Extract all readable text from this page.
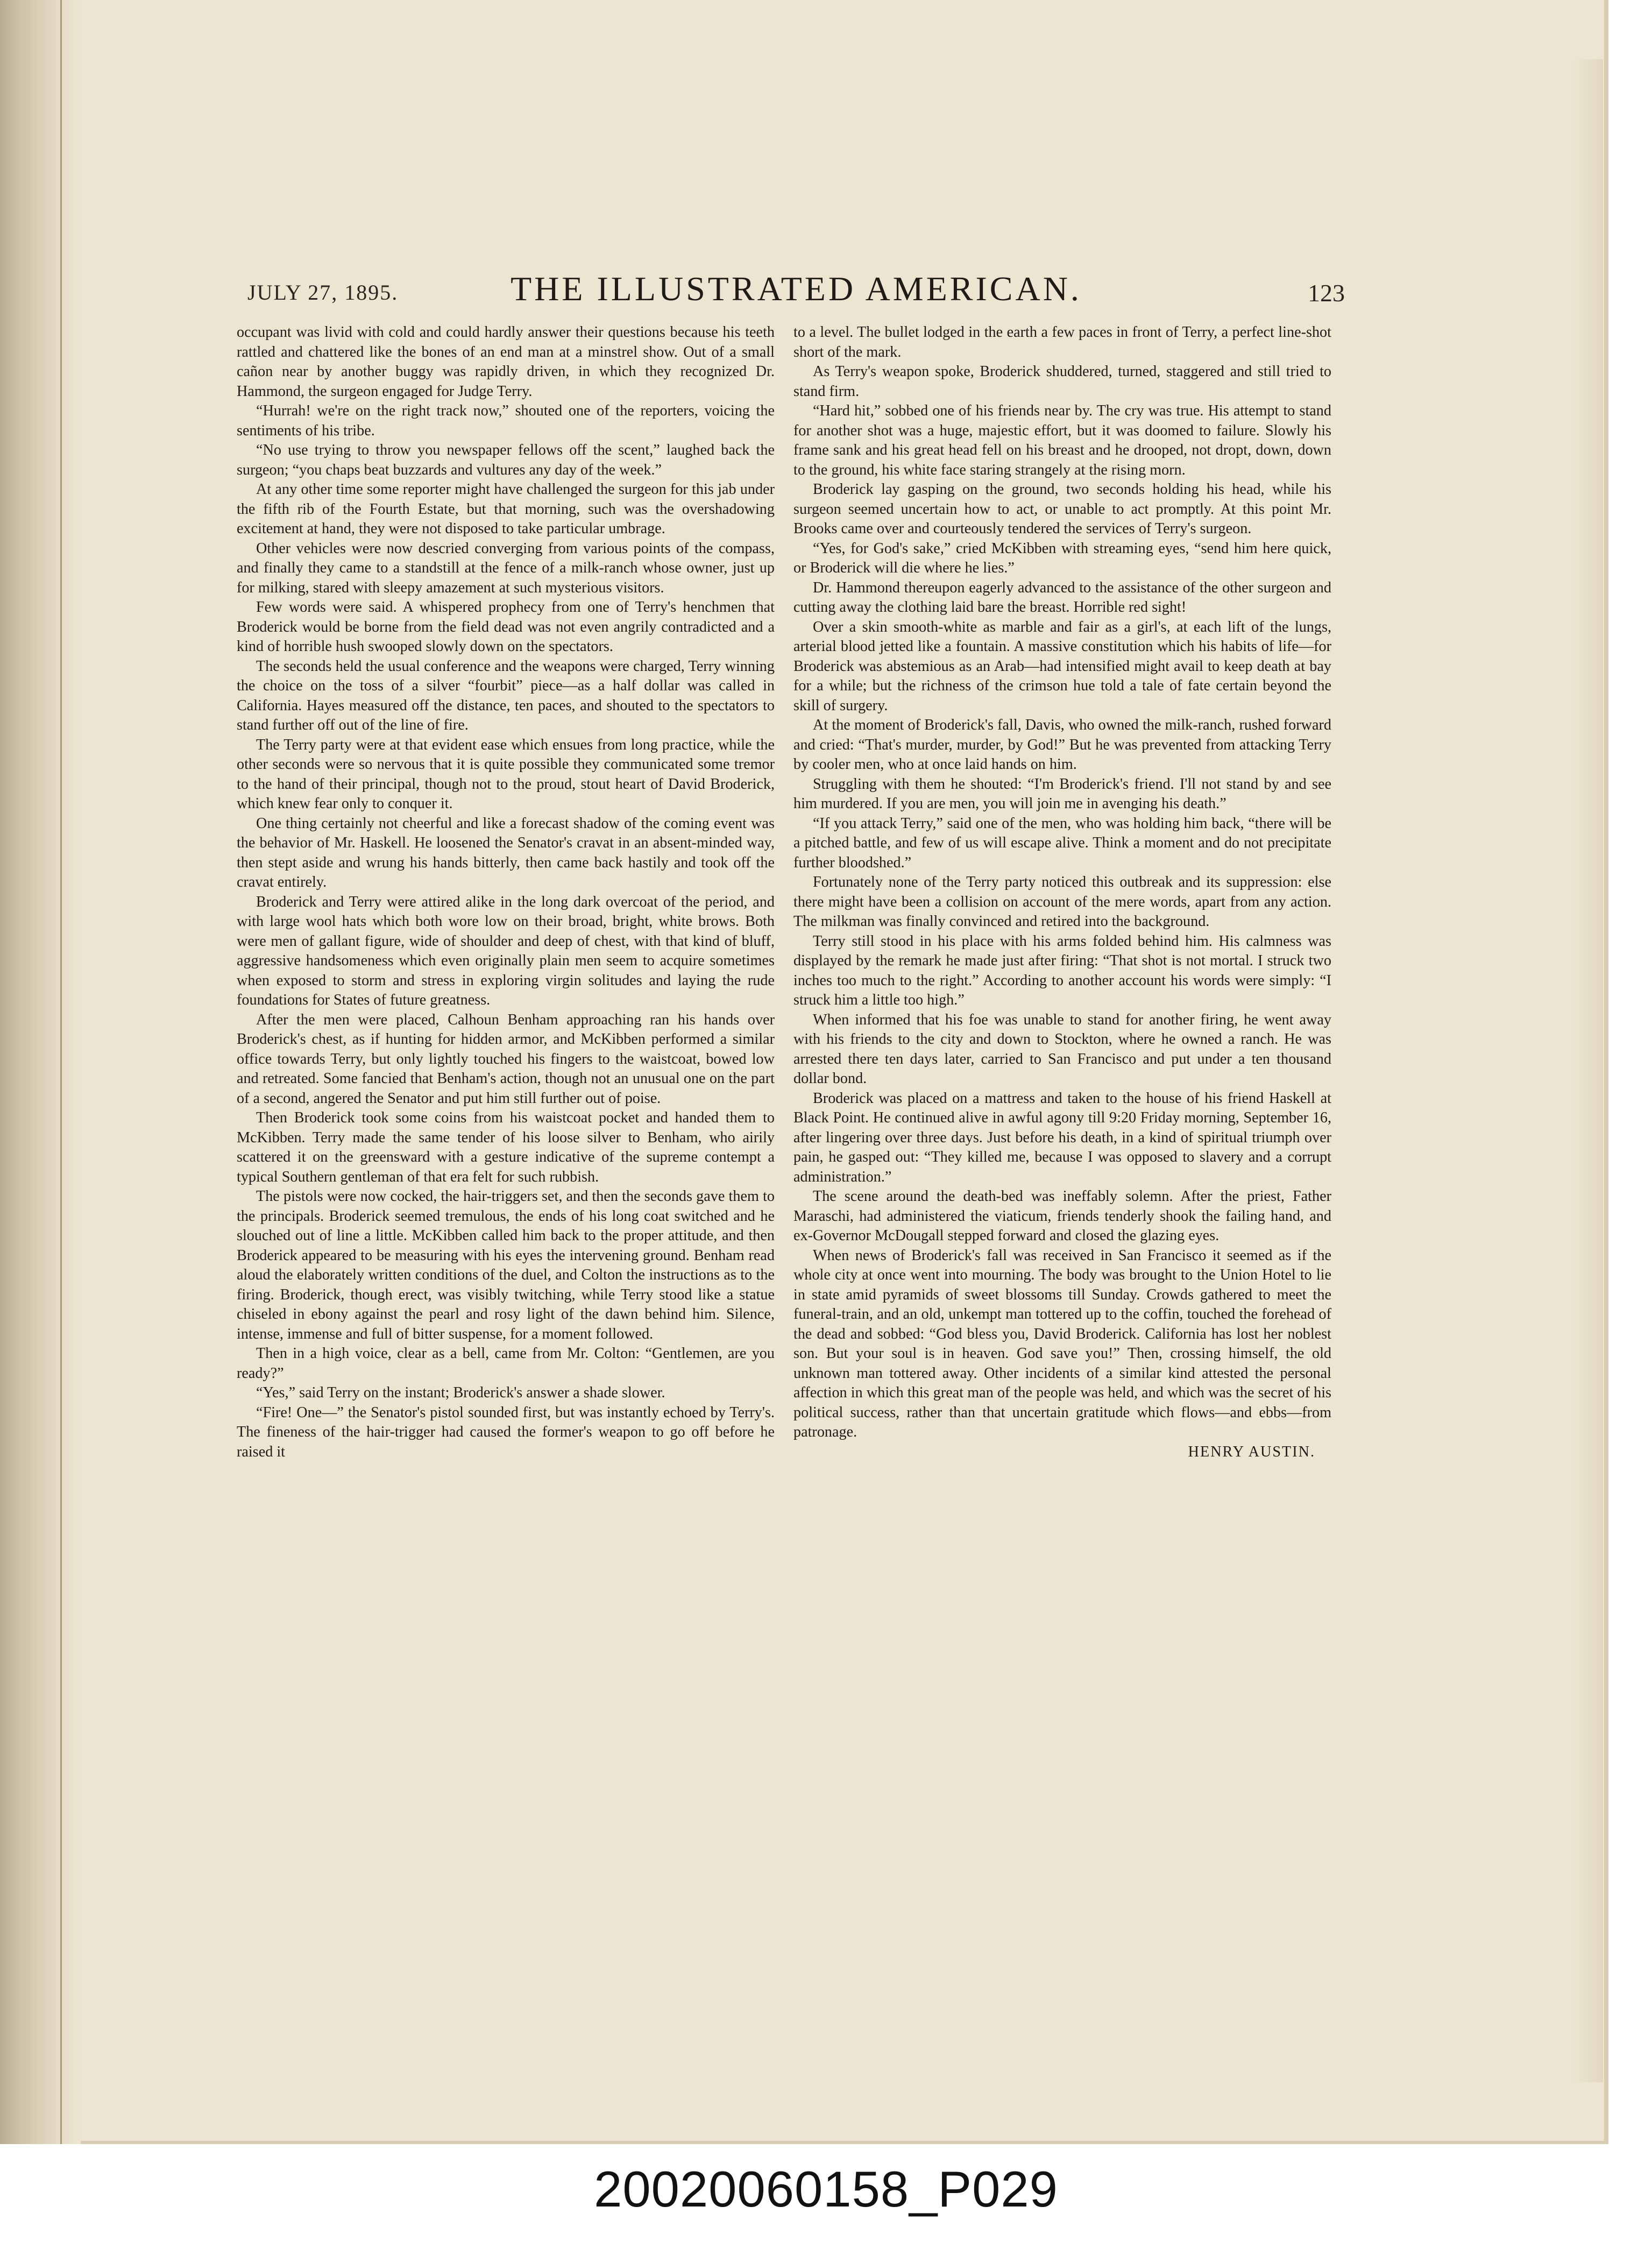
JULY 27, 1895.	THE ILLUSTRATED AMERICAN.	123

occupant was livid with cold and could hardly answer their questions because his teeth rattled and chattered like the bones of an end man at a minstrel show. Out of a small cañon near by another buggy was rapidly driven, in which they recognized Dr. Hammond, the surgeon engaged for Judge Terry.

“Hurrah! we're on the right track now,” shouted one of the reporters, voicing the sentiments of his tribe.

“No use trying to throw you newspaper fellows off the scent,” laughed back the surgeon; “you chaps beat buzzards and vultures any day of the week.”

At any other time some reporter might have challenged the surgeon for this jab under the fifth rib of the Fourth Estate, but that morning, such was the overshadowing excitement at hand, they were not disposed to take particular umbrage.

Other vehicles were now descried converging from various points of the compass, and finally they came to a standstill at the fence of a milk-ranch whose owner, just up for milking, stared with sleepy amazement at such mysterious visitors.

Few words were said. A whispered prophecy from one of Terry's henchmen that Broderick would be borne from the field dead was not even angrily contradicted and a kind of horrible hush swooped slowly down on the spectators.

The seconds held the usual conference and the weapons were charged, Terry winning the choice on the toss of a silver “fourbit” piece—as a half dollar was called in California. Hayes measured off the distance, ten paces, and shouted to the spectators to stand further off out of the line of fire.

The Terry party were at that evident ease which ensues from long practice, while the other seconds were so nervous that it is quite possible they communicated some tremor to the hand of their principal, though not to the proud, stout heart of David Broderick, which knew fear only to conquer it.

One thing certainly not cheerful and like a forecast shadow of the coming event was the behavior of Mr. Haskell. He loosened the Senator's cravat in an absent-minded way, then stept aside and wrung his hands bitterly, then came back hastily and took off the cravat entirely.

Broderick and Terry were attired alike in the long dark overcoat of the period, and with large wool hats which both wore low on their broad, bright, white brows. Both were men of gallant figure, wide of shoulder and deep of chest, with that kind of bluff, aggressive handsomeness which even originally plain men seem to acquire sometimes when exposed to storm and stress in exploring virgin solitudes and laying the rude foundations for States of future greatness.

After the men were placed, Calhoun Benham approaching ran his hands over Broderick's chest, as if hunting for hidden armor, and McKibben performed a similar office towards Terry, but only lightly touched his fingers to the waistcoat, bowed low and retreated. Some fancied that Benham's action, though not an unusual one on the part of a second, angered the Senator and put him still further out of poise.

Then Broderick took some coins from his waistcoat pocket and handed them to McKibben. Terry made the same tender of his loose silver to Benham, who airily scattered it on the greensward with a gesture indicative of the supreme contempt a typical Southern gentleman of that era felt for such rubbish.

The pistols were now cocked, the hair-triggers set, and then the seconds gave them to the principals. Broderick seemed tremulous, the ends of his long coat switched and he slouched out of line a little. McKibben called him back to the proper attitude, and then Broderick appeared to be measuring with his eyes the intervening ground. Benham read aloud the elaborately written conditions of the duel, and Colton the instructions as to the firing. Broderick, though erect, was visibly twitching, while Terry stood like a statue chiseled in ebony against the pearl and rosy light of the dawn behind him. Silence, intense, immense and full of bitter suspense, for a moment followed.

Then in a high voice, clear as a bell, came from Mr. Colton: “Gentlemen, are you ready?”

“Yes,” said Terry on the instant; Broderick's answer a shade slower.

“Fire! One—” the Senator's pistol sounded first, but was instantly echoed by Terry's. The fineness of the hair-trigger had caused the former's weapon to go off before he raised it

to a level. The bullet lodged in the earth a few paces in front of Terry, a perfect line-shot short of the mark.

As Terry's weapon spoke, Broderick shuddered, turned, staggered and still tried to stand firm.

“Hard hit,” sobbed one of his friends near by. The cry was true. His attempt to stand for another shot was a huge, majestic effort, but it was doomed to failure. Slowly his frame sank and his great head fell on his breast and he drooped, not dropt, down, down to the ground, his white face staring strangely at the rising morn.

Broderick lay gasping on the ground, two seconds holding his head, while his surgeon seemed uncertain how to act, or unable to act promptly. At this point Mr. Brooks came over and courteously tendered the services of Terry's surgeon.

“Yes, for God's sake,” cried McKibben with streaming eyes, “send him here quick, or Broderick will die where he lies.”

Dr. Hammond thereupon eagerly advanced to the assistance of the other surgeon and cutting away the clothing laid bare the breast. Horrible red sight!

Over a skin smooth-white as marble and fair as a girl's, at each lift of the lungs, arterial blood jetted like a fountain. A massive constitution which his habits of life—for Broderick was abstemious as an Arab—had intensified might avail to keep death at bay for a while; but the richness of the crimson hue told a tale of fate certain beyond the skill of surgery.

At the moment of Broderick's fall, Davis, who owned the milk-ranch, rushed forward and cried: “That's murder, murder, by God!” But he was prevented from attacking Terry by cooler men, who at once laid hands on him.

Struggling with them he shouted: “I'm Broderick's friend. I'll not stand by and see him murdered. If you are men, you will join me in avenging his death.”

“If you attack Terry,” said one of the men, who was holding him back, “there will be a pitched battle, and few of us will escape alive. Think a moment and do not precipitate further bloodshed.”

Fortunately none of the Terry party noticed this outbreak and its suppression: else there might have been a collision on account of the mere words, apart from any action. The milkman was finally convinced and retired into the background.

Terry still stood in his place with his arms folded behind him. His calmness was displayed by the remark he made just after firing: “That shot is not mortal. I struck two inches too much to the right.” According to another account his words were simply: “I struck him a little too high.”

When informed that his foe was unable to stand for another firing, he went away with his friends to the city and down to Stockton, where he owned a ranch. He was arrested there ten days later, carried to San Francisco and put under a ten thousand dollar bond.

Broderick was placed on a mattress and taken to the house of his friend Haskell at Black Point. He continued alive in awful agony till 9:20 Friday morning, September 16, after lingering over three days. Just before his death, in a kind of spiritual triumph over pain, he gasped out: “They killed me, because I was opposed to slavery and a corrupt administration.”

The scene around the death-bed was ineffably solemn. After the priest, Father Maraschi, had administered the viaticum, friends tenderly shook the failing hand, and ex-Governor McDougall stepped forward and closed the glazing eyes.

When news of Broderick's fall was received in San Francisco it seemed as if the whole city at once went into mourning. The body was brought to the Union Hotel to lie in state amid pyramids of sweet blossoms till Sunday. Crowds gathered to meet the funeral-train, and an old, unkempt man tottered up to the coffin, touched the forehead of the dead and sobbed: “God bless you, David Broderick. California has lost her noblest son. But your soul is in heaven. God save you!” Then, crossing himself, the old unknown man tottered away. Other incidents of a similar kind attested the personal affection in which this great man of the people was held, and which was the secret of his political success, rather than that uncertain gratitude which flows—and ebbs—from patronage.

HENRY AUSTIN.

20020060158_P029
